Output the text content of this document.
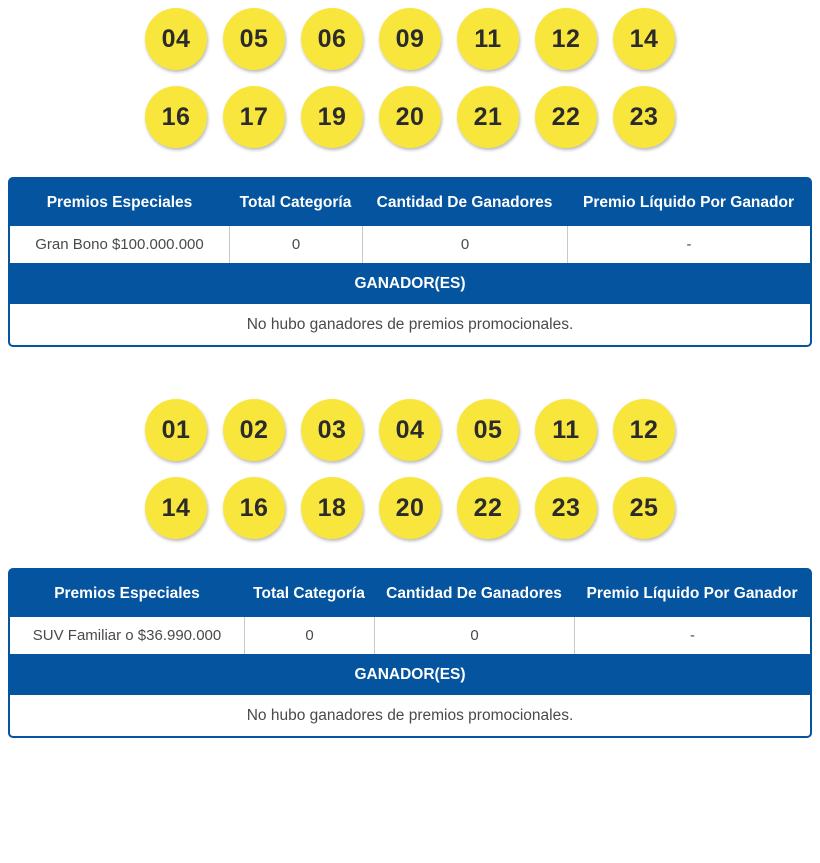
04	05	06	09	11	12	14
16	17	19	20	21	22	23
Premios Especiales	Total Categoría	Cantidad De Ganadores	Premio Líquido Por Ganador
Gran Bono $100.000.000	0	0	-
GANADOR(ES)
No hubo ganadores de premios promocionales.
01	02	03	04	05	11	12
14	16	18	20	22	23	25
Premios Especiales	Total Categoría	Cantidad De Ganadores	Premio Líquido Por Ganador
SUV Familiar o $36.990.000	0	0	-
GANADOR(ES)
No hubo ganadores de premios promocionales.
